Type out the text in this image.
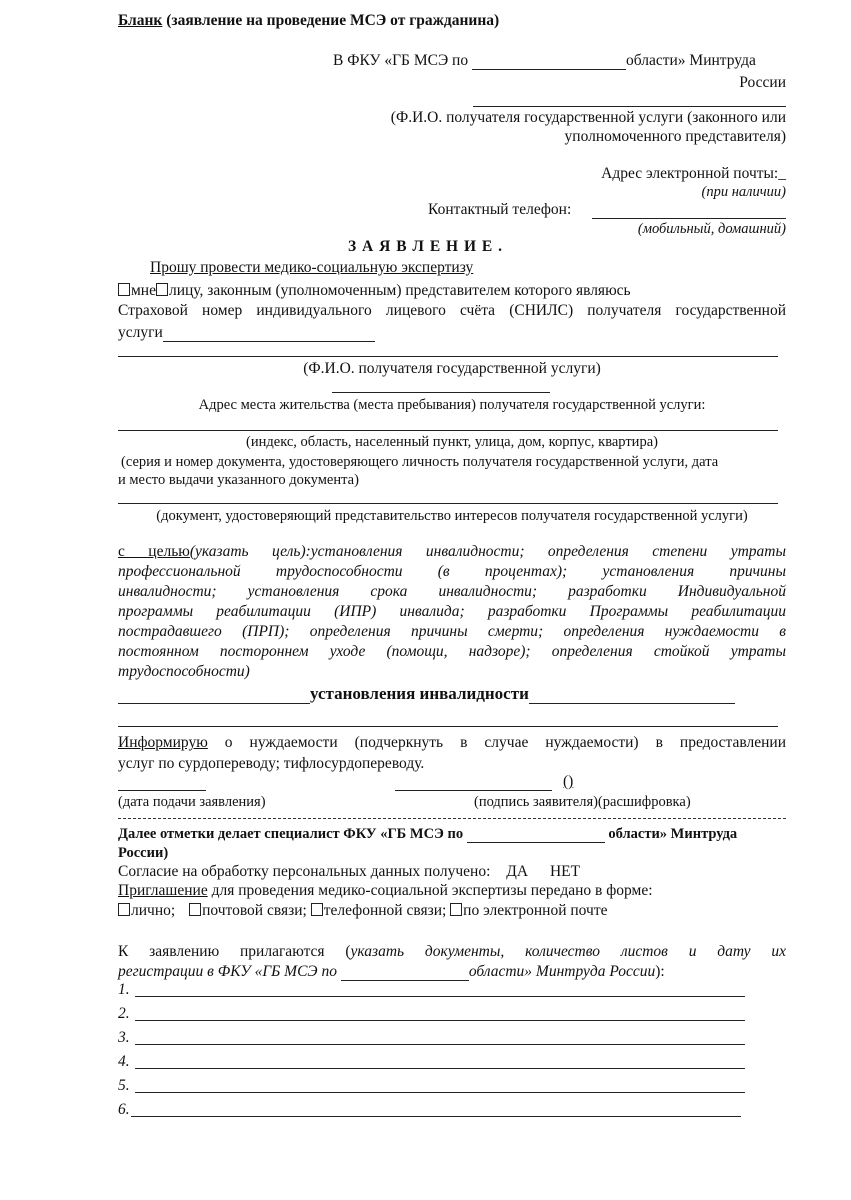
Бланк (заявление на проведение МСЭ от гражданина)
В ФКУ «ГБ МСЭ по	области» Минтруда
России
(Ф.И.О. получателя государственной услуги (законного или
уполномоченного представителя)
Адрес электронной почты:_
(при наличии)
Контактный телефон:
(мобильный, домашний)
З А Я В Л Е Н И Е .
Прошу провести медико-социальную экспертизу
мне лицу, законным (уполномоченным) представителем которого являюсь
Страховой номер индивидуального лицевого счёта (СНИЛС) получателя государственной
услуги
(Ф.И.О. получателя государственной услуги)
Адрес места жительства (места пребывания) получателя государственной услуги:
(индекс, область, населенный пункт, улица, дом, корпус, квартира)
(серия и номер документа, удостоверяющего личность получателя государственной услуги, дата
и место выдачи указанного документа)
(документ, удостоверяющий представительство интересов получателя государственной услуги)
с целью(указать цель):установления инвалидности; определения степени утраты
профессиональной трудоспособности (в процентах); установления причины
инвалидности; установления срока инвалидности; разработки Индивидуальной
программы реабилитации (ИПР) инвалида; разработки Программы реабилитации
пострадавшего (ПРП); определения причины смерти; определения нуждаемости в
постоянном постороннем уходе (помощи, надзоре); определения стойкой утраты
трудоспособности)
установления инвалидности
Информирую о нуждаемости (подчеркнуть в случае нуждаемости) в предоставлении
услуг по сурдопереводу; тифлосурдопереводу.
()
(дата подачи заявления)	(подпись заявителя)(расшифровка)
Далее отметки делает специалист ФКУ «ГБ МСЭ по	области» Минтруда
России)
Согласие на обработку персональных данных получено: ДА НЕТ
Приглашение для проведения медико-социальной экспертизы передано в форме:
лично; почтовой связи; телефонной связи; по электронной почте
К заявлению прилагаются (указать документы, количество листов и дату их
регистрации в ФКУ «ГБ МСЭ по	области» Минтруда России):
1.
2.
3.
4.
5.
6.
